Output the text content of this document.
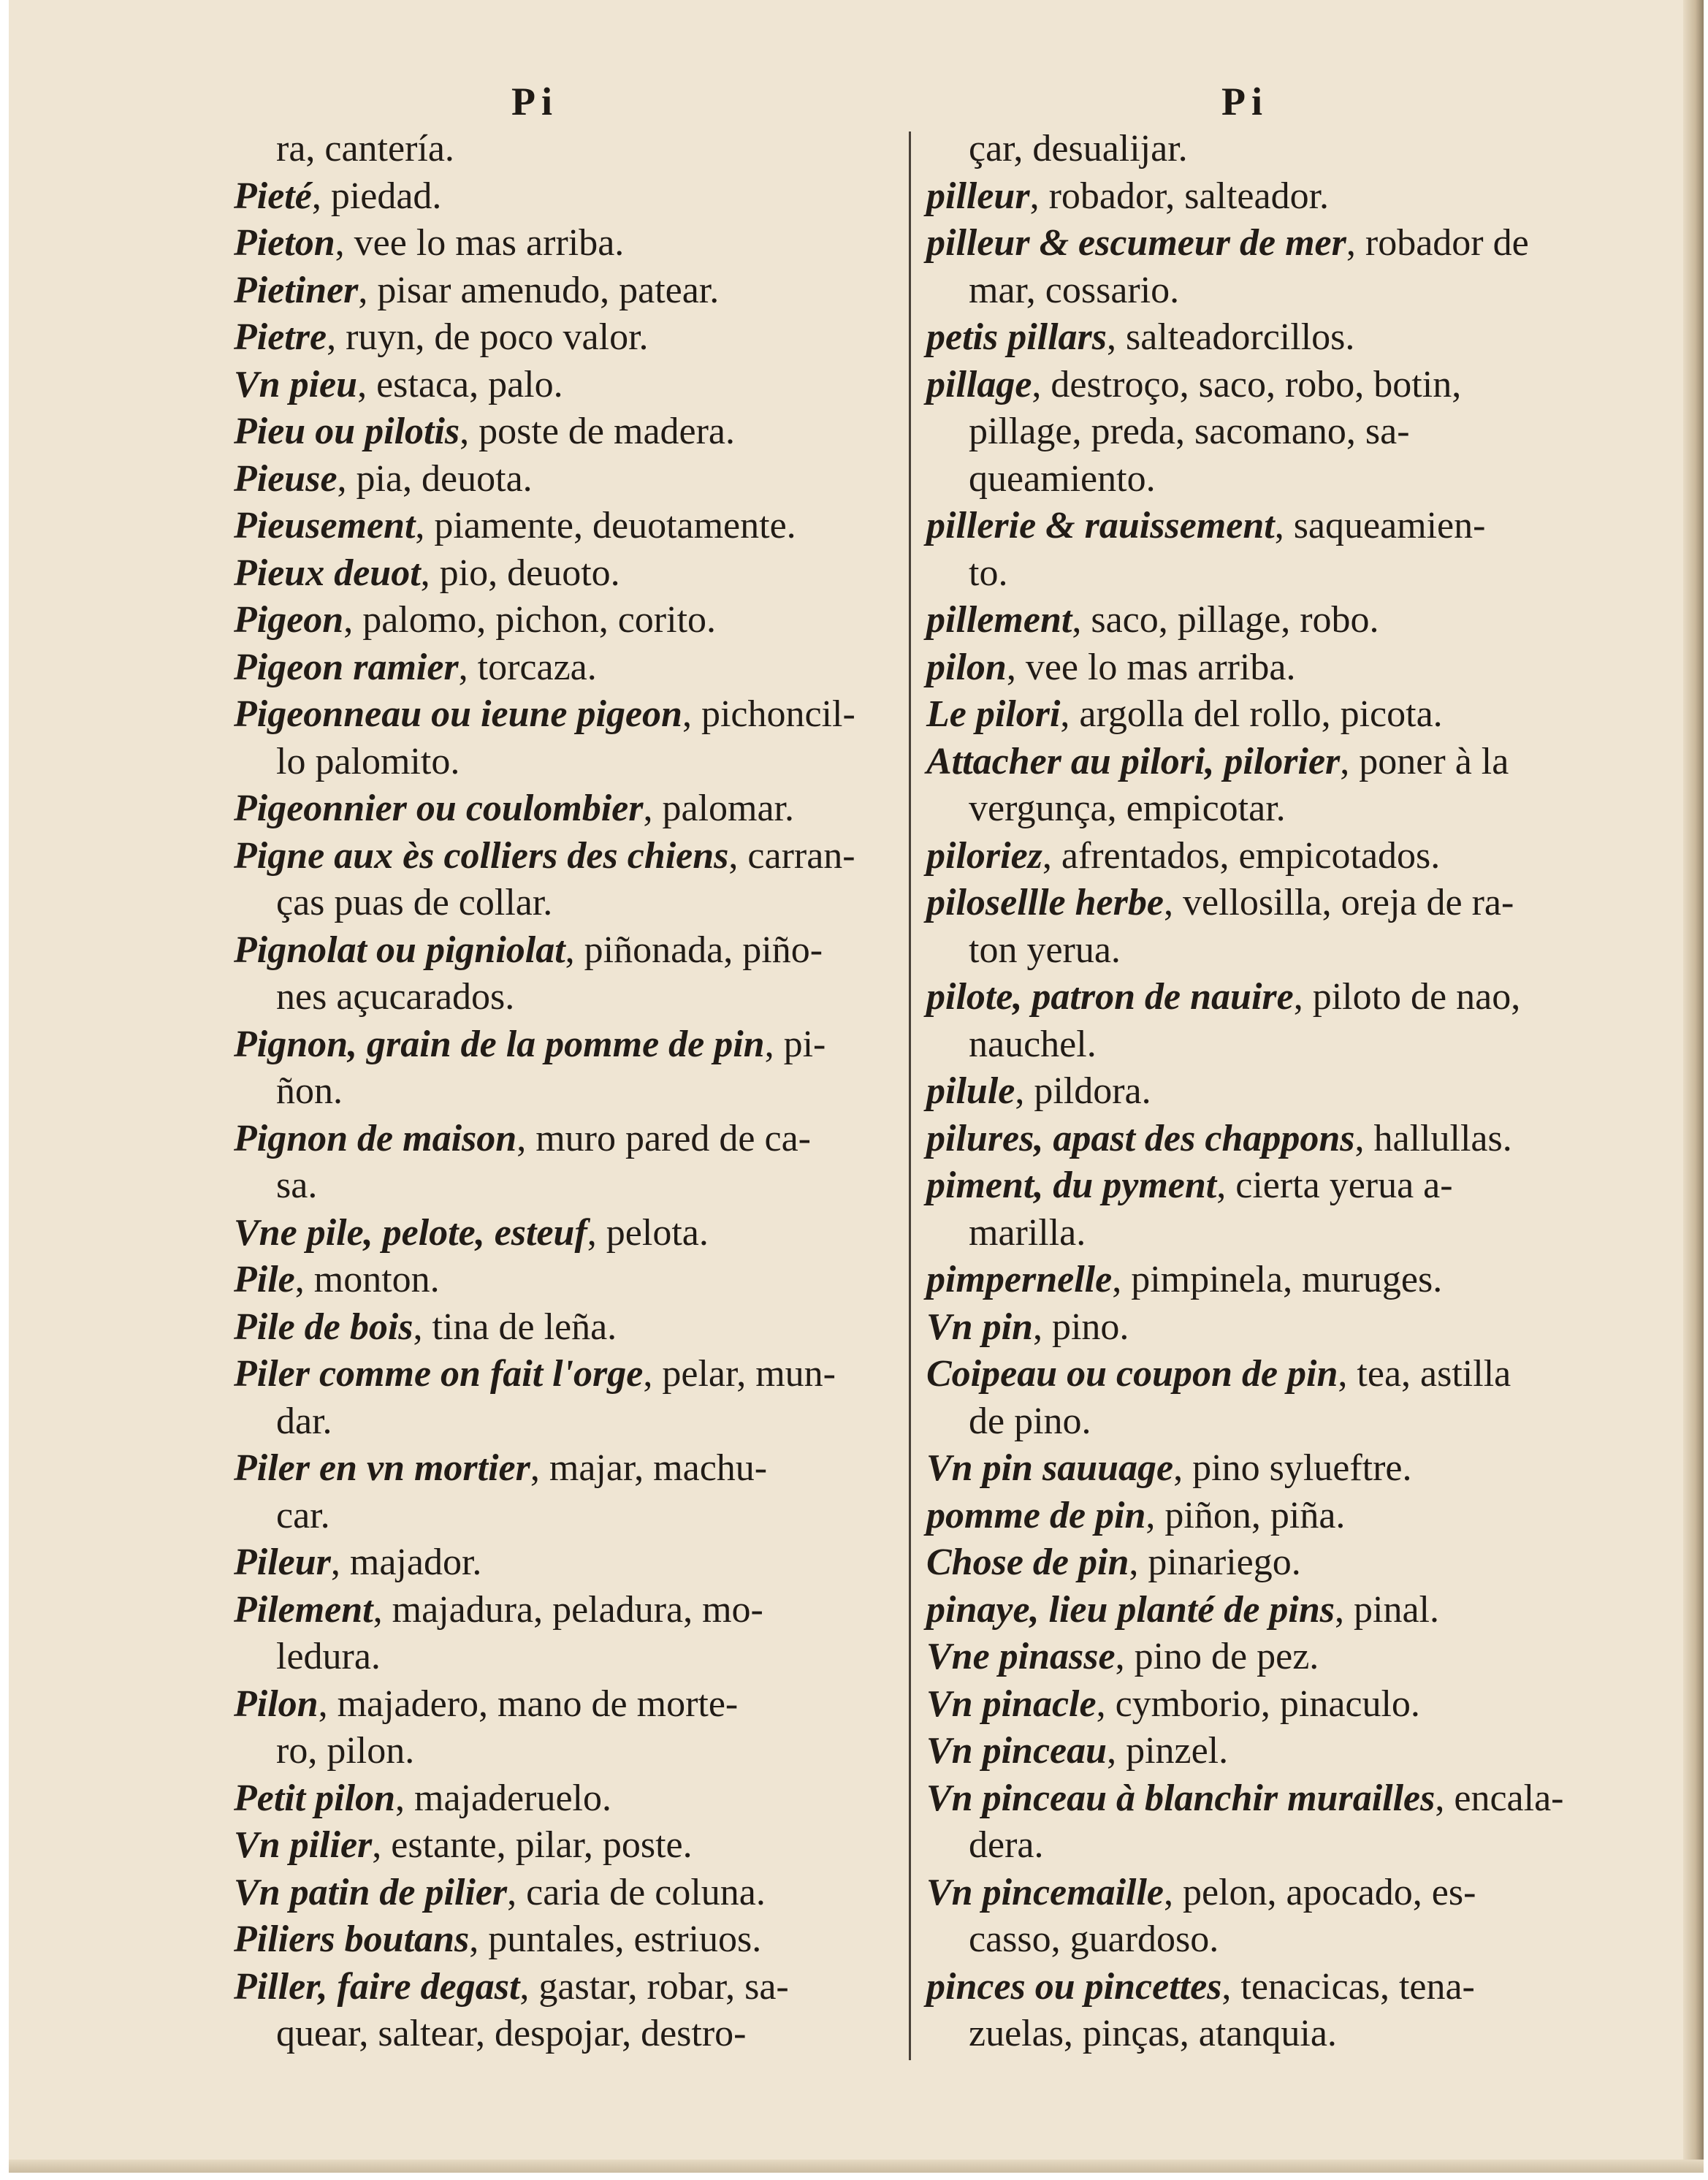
Pi	Pi
ra, cantería.
Pieté, piedad.
Pieton, vee lo mas arriba.
Pietiner, pisar amenudo, patear.
Pietre, ruyn, de poco valor.
Vn pieu, estaca, palo.
Pieu ou pilotis, poste de madera.
Pieuse, pia, deuota.
Pieusement, piamente, deuotamente.
Pieux deuot, pio, deuoto.
Pigeon, palomo, pichon, corito.
Pigeon ramier, torcaza.
Pigeonneau ou ieune pigeon, pichoncil-
lo palomito.
Pigeonnier ou coulombier, palomar.
Pigne aux ès colliers des chiens, carran-
ças puas de collar.
Pignolat ou pigniolat, piñonada, piño-
nes açucarados.
Pignon, grain de la pomme de pin, pi-
ñon.
Pignon de maison, muro pared de ca-
sa.
Vne pile, pelote, esteuf, pelota.
Pile, monton.
Pile de bois, tina de leña.
Piler comme on fait l'orge, pelar, mun-
dar.
Piler en vn mortier, majar, machu-
car.
Pileur, majador.
Pilement, majadura, peladura, mo-
ledura.
Pilon, majadero, mano de morte-
ro, pilon.
Petit pilon, majaderuelo.
Vn pilier, estante, pilar, poste.
Vn patin de pilier, caria de coluna.
Piliers boutans, puntales, estriuos.
Piller, faire degast, gastar, robar, sa-
quear, saltear, despojar, destro-
çar, desualijar.
pilleur, robador, salteador.
pilleur & escumeur de mer, robador de
mar, cossario.
petis pillars, salteadorcillos.
pillage, destroço, saco, robo, botin,
pillage, preda, sacomano, sa-
queamiento.
pillerie & rauissement, saqueamien-
to.
pillement, saco, pillage, robo.
pilon, vee lo mas arriba.
Le pilori, argolla del rollo, picota.
Attacher au pilori, pilorier, poner à la
vergunça, empicotar.
piloriez, afrentados, empicotados.
pilosellle herbe, vellosilla, oreja de ra-
ton yerua.
pilote, patron de nauire, piloto de nao,
nauchel.
pilule, pildora.
pilures, apast des chappons, hallullas.
piment, du pyment, cierta yerua a-
marilla.
pimpernelle, pimpinela, muruges.
Vn pin, pino.
Coipeau ou coupon de pin, tea, astilla
de pino.
Vn pin sauuage, pino sylueftre.
pomme de pin, piñon, piña.
Chose de pin, pinariego.
pinaye, lieu planté de pins, pinal.
Vne pinasse, pino de pez.
Vn pinacle, cymborio, pinaculo.
Vn pinceau, pinzel.
Vn pinceau à blanchir murailles, encala-
dera.
Vn pincemaille, pelon, apocado, es-
casso, guardoso.
pinces ou pincettes, tenacicas, tena-
zuelas, pinças, atanquia.
